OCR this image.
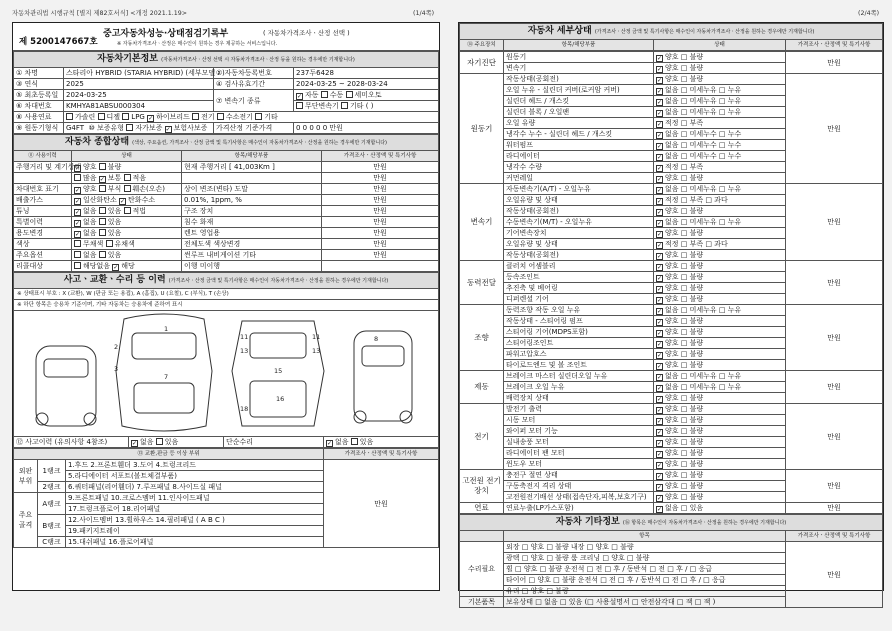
자동차관리법 시행규칙 [별지 제82호서식] <개정 2021.1.19>	(1/4쪽)	(2/4쪽)
제 5200147667호
중고자동차성능·상태점검기록부	( 자동차가격조사ㆍ산정 선택 )
※ 자동차가격조사ㆍ산정은 매수인이 원하는 경우 제공하는 서비스입니다.
자동차기본정보 (자동차가격조사ㆍ산정 선택 시 자동차가격조사ㆍ산정 등을 원하는 경우에만 기재합니다)			
① 차명	스타리아 HYBRID (STARIA HYBRID) (세부모델 : )	② 자동차등록번호	237두6428
③ 연식	2025	④ 검사유효기간	2024-03-25 ~ 2028-03-24
⑤ 최초등록일	2024-03-25	⑦ 변속기 종류	✓자동 수동 세미오토
⑥ 차대번호	KMHYA81ABSU000304		무단변속기 기타 ( )
⑧ 사용연료	가솔린 디젤 LPG ✓ 하이브리드 전기 수소전기 기타
⑨ 원동기형식	G4FT ⑩ 보증유형 자가보증 ✓ 보험사보증	가격산정 기준가격	0 0 0 0 0 만원
자동차 종합상태 (색상, 주요옵션, 가격조사ㆍ산정 금액 및 특기사항은 매수인이 자동차가격조사ㆍ산정을 원하는 경우에만 기재합니다)			
⑪ 사용이력	상태	항목/해당부품	가격조사ㆍ산정액 및 특기사항
주행거리 및 계기상태	✓양호 불량	현재 주행거리 [ 41,003Km ]	만원
	많음 ✓ 보통 적음		만원
차대번호 표기	✓양호 부식 훼손(오손)	상이 변조(변타) 도말	만원
배출가스	✓일산화탄소 ✓ 탄화수소	0.01%, 1ppm, %	만원
튜닝	✓없음 있음 적법	구조 장치	만원
특별이력	✓없음 있음	침수 화재	만원
용도변경	✓없음 있음	렌트 영업용	만원
색상	무채색 유채색	전체도색 색상변경	만원
주요옵션	없음 있음	썬루프 내비게이션 기타	만원
리콜대상	해당없음 ✓ 해당	이행 미이행	
사고ㆍ교환ㆍ수리 등 이력 (가격조사ㆍ산정 금액 및 특기사항은 매수인이 자동차가격조사ㆍ산정을 원하는 경우에만 기재합니다)
※ 상태표시 부호 : X (교환), W (판금 또는 용접), A (흠집), U (요철), C (부식), T (손상)
※ 하단 항목은 승용차 기준이며, 기타 자동차는 승용차에 준하여 표시
1
2
3
7
15
16
11	11
13	13
18
8
⑫ 사고이력 (유의사항 4참조)	✓없음 있음	단순수리	✓없음 있음
⑬ 교환,판금 등 이상 부위			가격조사ㆍ산정액 및 특기사항
외판 부위	1랭크	1.후드 2.프론트휀더 3.도어 4.트렁크리드	만원
		5.라디에이터 서포트(볼트체결부품)	
	2랭크	6.쿼터패널(리어휀더) 7.루프패널 8.사이드실 패널	
주요 골격	A랭크	9.프론트패널 10.크로스멤버 11.인사이드패널	
		17.트렁크플로어 18.리어패널	
	B랭크	12.사이드멤버 13.휠하우스 14.필러패널 ( A B C )	
		19.패키지트레이	
	C랭크	15.대쉬패널 16.플로어패널	
자동차 세부상태 (가격조사ㆍ산정 금액 및 특기사항은 매수인이 자동차가격조사ㆍ산정을 원하는 경우에만 기재합니다)
⑭ 주요장치	항목/해당부품	상태	가격조사ㆍ산정액 및 특기사항
자기진단	원동기	✓양호 □ 불량	만원
	변속기	✓양호 □ 불량
원동기	작동상태(공회전)	✓양호 □ 불량	만원
	오일 누유 - 실린더 커버(로커암 커버)	✓없음 □ 미세누유 □ 누유
	실린더 헤드 / 개스킷	✓없음 □ 미세누유 □ 누유
	실린더 블록 / 오일팬	✓없음 □ 미세누유 □ 누유
	오일 유량	✓적정 □ 부족
	냉각수 누수 - 실린더 헤드 / 개스킷	✓없음 □ 미세누수 □ 누수
	워터펌프	✓없음 □ 미세누수 □ 누수
	라디에이터	✓없음 □ 미세누수 □ 누수
	냉각수 수량	✓적정 □ 부족
	커먼레일	✓양호 □ 불량
변속기	자동변속기(A/T) - 오일누유	✓없음 □ 미세누유 □ 누유	만원
	오일유량 및 상태	✓적정 □ 부족 □ 과다
	작동상태(공회전)	✓양호 □ 불량
	수동변속기(M/T) - 오일누유	✓없음 □ 미세누유 □ 누유
	기어변속장치	✓양호 □ 불량
	오일유량 및 상태	✓적정 □ 부족 □ 과다
	작동상태(공회전)	✓양호 □ 불량
동력전달	클러치 어셈블리	✓양호 □ 불량	만원
	등속조인트	✓양호 □ 불량
	추진축 및 베어링	✓양호 □ 불량
	디퍼렌셜 기어	✓양호 □ 불량
조향	동력조향 작동 오일 누유	✓없음 □ 미세누유 □ 누유	만원
	작동상태 - 스티어링 펌프	✓양호 □ 불량
	스티어링 기어(MDPS포함)	✓양호 □ 불량
	스티어링조인트	✓양호 □ 불량
	파워고압호스	✓양호 □ 불량
	타이로드엔드 및 볼 조인트	✓양호 □ 불량
제동	브레이크 마스터 실린더오일 누유	✓없음 □ 미세누유 □ 누유	만원
	브레이크 오일 누유	✓없음 □ 미세누유 □ 누유
	배력장치 상태	✓양호 □ 불량
전기	발전기 출력	✓양호 □ 불량	만원
	시동 모터	✓양호 □ 불량
	와이퍼 모터 기능	✓양호 □ 불량
	실내송풍 모터	✓양호 □ 불량
	라디에이터 팬 모터	✓양호 □ 불량
	윈도우 모터	✓양호 □ 불량
고전원 전기장치	충전구 절연 상태	✓양호 □ 불량	만원
	구동축전지 격리 상태	✓양호 □ 불량
	고전원전기배선 상태(접속단자,피복,보호기구)	✓양호 □ 불량
연료	연료누출(LP가스포함)	✓없음 □ 있음	만원
자동차 기타정보 (⑯ 항목은 매수인이 자동차가격조사ㆍ산정을 원하는 경우에만 기재합니다)		
	항목	가격조사ㆍ산정액 및 특기사항
수리필요	외장 □ 양호 □ 불량 내장 □ 양호 □ 불량	만원
	광택 □ 양호 □ 불량 룸 크리닝 □ 양호 □ 불량	
	휠 □ 양호 □ 불량 운전석 □ 전 □ 후 / 동반석 □ 전 □ 후 / □ 응급	
	타이어 □ 양호 □ 불량 운전석 □ 전 □ 후 / 동반석 □ 전 □ 후 / □ 응급	
	유리 □ 양호 □ 불량	
기본품목	보유상태 □ 없음 □ 있음 (□ 사용설명서 □ 안전삼각대 □ 잭 □ 잭 )	
